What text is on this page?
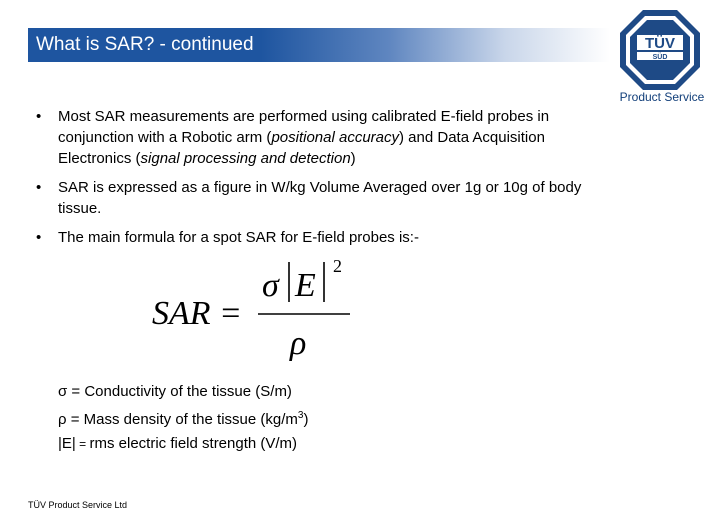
What is SAR? - continued	TÜV
SÜD
Product Service
• Most SAR measurements are performed using calibrated E-field probes in conjunction with a Robotic arm (positional accuracy) and Data Acquisition Electronics (signal processing and detection)
• SAR is expressed as a figure in W/kg Volume Averaged over 1g or 10g of body tissue.
• The main formula for a spot SAR for E-field probes is:-
SAR =
σ E
2
ρ
σ = Conductivity of the tissue (S/m)
ρ = Mass density of the tissue $(kg/m^3)$
|E| = rms electric field strength (V/m)
TÜV Product Service Ltd
